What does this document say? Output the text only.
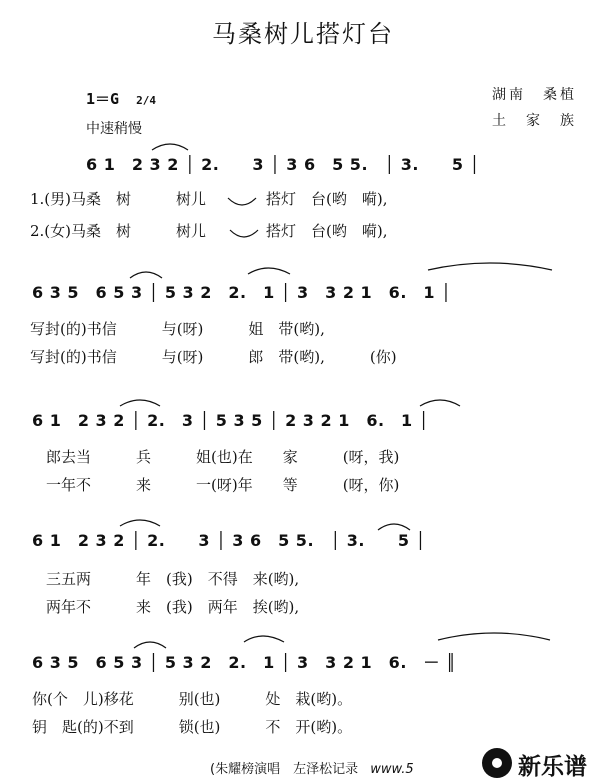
马桑树儿搭灯台
1＝G 2/4
中速稍慢
湖南　桑植
土　家　族
6 1　2 3 2 │ 2.　　3 │ 3 6　5 5.　│ 3.　　5 │
1.(男)马桑　树　　　树儿　　　　搭灯　台(哟　嗬),
2.(女)马桑　树　　　树儿　　　　搭灯　台(哟　嗬),
6 3 5　6 5 3 │ 5 3 2　2.　1 │ 3　3 2 1　6.　1 │
写封(的)书信　　　与(呀)　　　姐　带(哟),
写封(的)书信　　　与(呀)　　　郎　带(哟),　　　(你)
6 1　2 3 2 │ 2.　3 │ 5 3 5 │ 2 3 2 1　6.　1 │
郎去当　　　兵　　　姐(也)在　　家　　　(呀，我)
一年不　　　来　　　一(呀)年　　等　　　(呀，你)
6 1　2 3 2 │ 2.　　3 │ 3 6　5 5.　│ 3.　　5 │
三五两　　　年　(我)　不得　来(哟),
两年不　　　来　(我)　两年　挨(哟),
6 3 5　6 5 3 │ 5 3 2　2.　1 │ 3　3 2 1　6.　－ ║
你(个　儿)移花　　　别(也)　　　处　栽(哟)。
钥　匙(的)不到　　　锁(也)　　　不　开(哟)。
(朱耀榜演唱　左泽松记录 www.5	新乐谱
